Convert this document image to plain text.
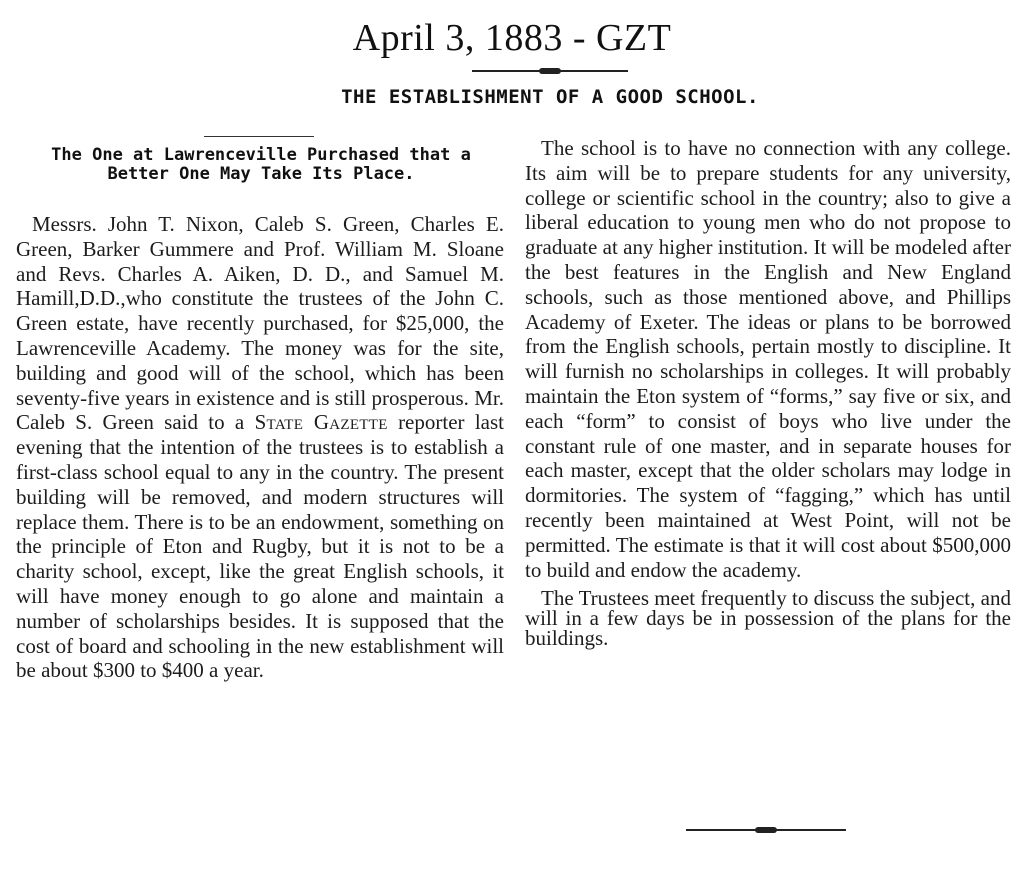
April 3, 1883 - GZT
THE ESTABLISHMENT OF A GOOD SCHOOL.
The One at Lawrenceville Purchased that a Better One May Take Its Place.

Messrs. John T. Nixon, Caleb S. Green, Charles E. Green, Barker Gummere and Prof. William M. Sloane and Revs. Charles A. Aiken, D. D., and Samuel M. Hamill,D.D.,who constitute the trustees of the John C. Green estate, have recently purchased, for $25,000, the Lawrenceville Academy. The money was for the site, building and good will of the school, which has been seventy-five years in existence and is still prosperous. Mr. Caleb S. Green said to a State Gazette reporter last evening that the intention of the trustees is to establish a first-class school equal to any in the country. The present building will be removed, and modern structures will replace them. There is to be an endowment, something on the principle of Eton and Rugby, but it is not to be a charity school, except, like the great English schools, it will have money enough to go alone and maintain a number of scholarships besides. It is supposed that the cost of board and schooling in the new establishment will be about $300 to $400 a year.

The school is to have no connection with any college. Its aim will be to prepare students for any university, college or scientific school in the country; also to give a liberal education to young men who do not propose to graduate at any higher institution. It will be modeled after the best features in the English and New England schools, such as those mentioned above, and Phillips Academy of Exeter. The ideas or plans to be borrowed from the English schools, pertain mostly to discipline. It will furnish no scholarships in colleges. It will probably maintain the Eton system of “forms,” say five or six, and each “form” to consist of boys who live under the constant rule of one master, and in separate houses for each master, except that the older scholars may lodge in dormitories. The system of “fagging,” which has until recently been maintained at West Point, will not be permitted. The estimate is that it will cost about $500,000 to build and endow the academy.

The Trustees meet frequently to discuss the subject, and will in a few days be in possession of the plans for the buildings.
